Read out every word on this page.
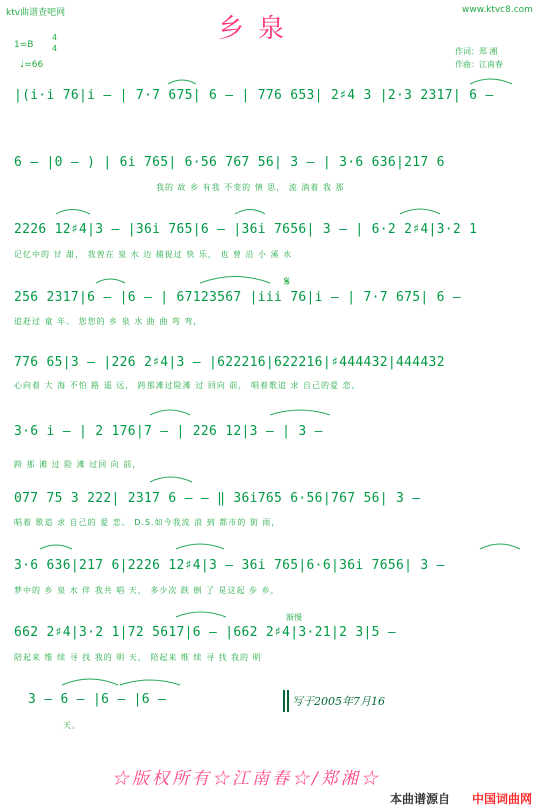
ktv曲谱查吧网	www.ktvc8.com
乡泉
1=B
4
4
♩=66
作词：郑 湘
作曲：江南春
|(i·i 76|i – | 7·7 675| 6 – | 776 653| 2♯4 3 |2·3 2317| 6 –
6 – |0 – ) | 6i 765| 6·56 767 56| 3 – | 3·6 636|217 6
我的 故 乡 有我 不变的 情 思， 流 淌着 我 那
2226 12♯4|3 – |36i 765|6 – |36i 7656| 3 – | 6·2 2♯4|3·2 1
记忆中的 甘 甜， 我曾在 泉 水 边 捕捉过 快 乐， 也 曾 沿 小 溪 水
256 2317|6 – |6 – | 67123567 |iii 76|i – | 7·7 675| 6 –
追赶过 童 年。 您您的 乡 泉 水 曲 曲 弯 弯，
776 65|3 – |226 2♯4|3 – |622216|622216|♯444432|444432
心向着 大 海 不怕 路 遥 远， 跨那滩过险滩 过 回向 前， 唱着歌追 求 自己的爱 恋，
3·6 i – | 2 176|7 – | 226 12|3 – | 3 –
跨 那 滩 过 险 滩 过回 向 前，
077 75 3 222| 2317 6 – – ‖ 36i765 6·56|767 56| 3 –
唱着 歌追 求 自己的 爱 恋。 D.S.如今我流 浪 到 都市的 街 雨，
3·6 636|217 6|2226 12♯4|3 – 36i 765|6·6|36i 7656| 3 –
梦中的 乡 泉 水 伴 我共 唱 天， 多少次 跌 倒 了 是这起 步 乡，
渐慢
662 2♯4|3·2 1|72 5617|6 – |662 2♯4|3·21|2 3|5 –
陪起来 维 续 寻 找 我的 明 天， 陪起来 维 续 寻 找 我的 明
3 – 6 – |6 – |6 –
天。
𝄋
写于2005年7月16
☆版权所有☆江南春☆/郑湘☆
本曲谱源自 中国词曲网
